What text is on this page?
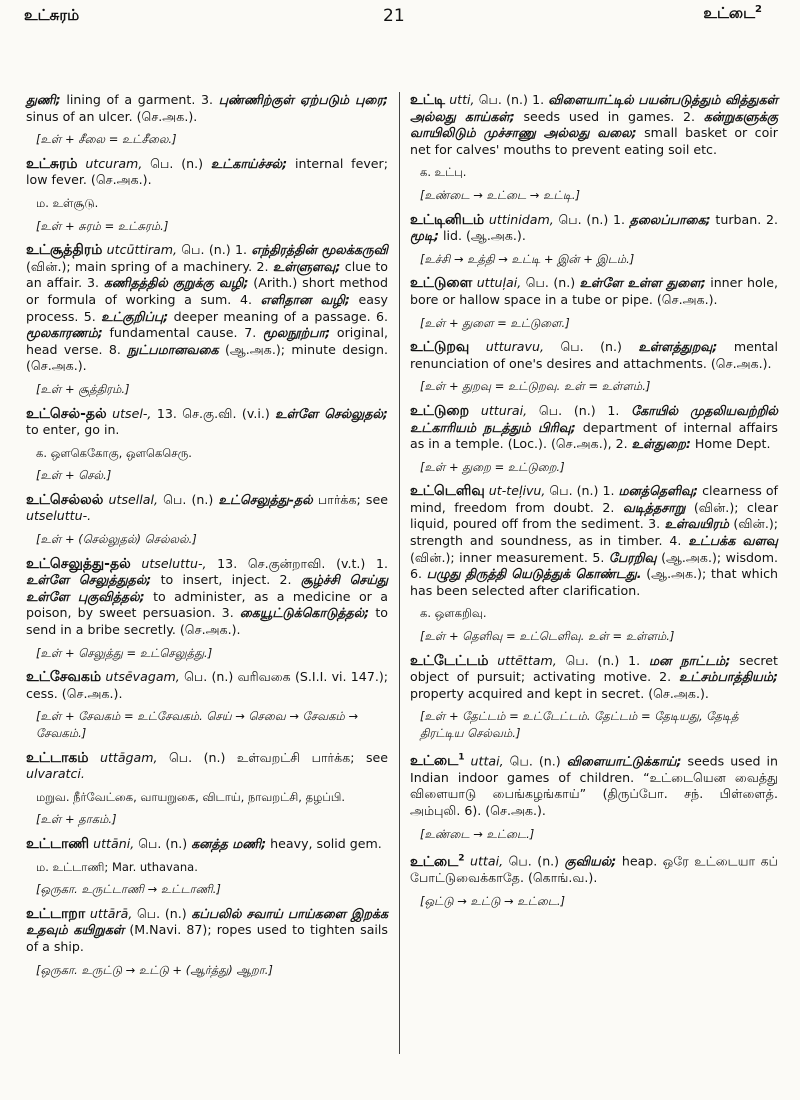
உட்சுரம்	21	உட்டை$^2$
துணி; lining of a garment. 3. புண்ணிற்குள் ஏற்படும் புரை; sinus of an ulcer. (செ.அக.).
[உள் + சீலை = உட்சீலை.]
உட்சுரம் utcuram, பெ. (n.) உட்காய்ச்சல்; internal fever; low fever. (செ.அக.).
ம. உள்சூடு.
[உள் + சுரம் = உட்சுரம்.]
உட்சூத்திரம் utcūttiram, பெ. (n.) 1. எந்திரத்தின் மூலக்கருவி (வின்.); main spring of a machinery. 2. உள்ளுளவு; clue to an affair. 3. கணிதத்தில் குறுக்கு வழி; (Arith.) short method or formula of working a sum. 4. எளிதான வழி; easy process. 5. உட்குறிப்பு; deeper meaning of a passage. 6. மூலகாரணம்; fundamental cause. 7. மூலநூற்பா; original, head verse. 8. நுட்பமானவகை (ஆ.அக.); minute design. (செ.அக.).
[உள் + சூத்திரம்.]
உட்செல்-தல் utsel-, 13. செ.கு.வி. (v.i.) உள்ளே செல்லுதல்; to enter, go in.
க. ஒளகெகோகு, ஒளகெசெரு.
[உள் + செல்.]
உட்செல்லல் utsellal, பெ. (n.) உட்செலுத்து-தல் பார்க்க; see utseluttu-.
[உள் + (செல்லுதல்) செல்லல்.]
உட்செலுத்து-தல் utseluttu-, 13. செ.குன்றாவி. (v.t.) 1. உள்ளே செலுத்துதல்; to insert, inject. 2. சூழ்ச்சி செய்து உள்ளே புகுவித்தல்; to administer, as a medicine or a poison, by sweet persuasion. 3. கையூட்டுக்கொடுத்தல்; to send in a bribe secretly. (செ.அக.).
[உள் + செலுத்து = உட்செலுத்து.]
உட்சேவகம் utsēvagam, பெ. (n.) வரிவகை (S.I.I. vi. 147.); cess. (செ.அக.).
[உள் + சேவகம் = உட்சேவகம். செய் → செவை → சேவகம் → சேவகம்.]
உட்டாகம் uttāgam, பெ. (n.) உள்வறட்சி பார்க்க; see ulvaratci.
மறுவ. நீர்வேட்கை, வாயறுகை, விடாய், நாவறட்சி, தழப்பி.
[உள் + தாகம்.]
உட்டாணி uttāni, பெ. (n.) கனத்த மணி; heavy, solid gem.
ம. உட்டாணி; Mar. uthavana.
[ஒருகா. உருட்டாணி → உட்டாணி.]
உட்டாறா uttārā, பெ. (n.) கப்பலில் சவாய் பாய்களை இறக்க உதவும் கயிறுகள் (M.Navi. 87); ropes used to tighten sails of a ship.
[ஒருகா. உருட்டு → உட்டு + (ஆர்த்து) ஆறா.]
உட்டி utti, பெ. (n.) 1. விளையாட்டில் பயன்படுத்தும் வித்துகள் அல்லது காய்கள்; seeds used in games. 2. கன்றுகளுக்கு வாயிலிடும் முச்சாணு அல்லது வலை; small basket or coir net for calves' mouths to prevent eating soil etc.
க. உட்பு.
[உண்டை → உட்டை → உட்டி.]
உட்டினிடம் uttinidam, பெ. (n.) 1. தலைப்பாகை; turban. 2. மூடி; lid. (ஆ.அக.).
[உச்சி → உத்தி → உட்டி + இன் + இடம்.]
உட்டுளை uttuļai, பெ. (n.) உள்ளே உள்ள துளை; inner hole, bore or hallow space in a tube or pipe. (செ.அக.).
[உள் + துளை = உட்டுளை.]
உட்டுறவு utturavu, பெ. (n.) உள்ளத்துறவு; mental renunciation of one's desires and attachments. (செ.அக.).
[உள் + துறவு = உட்டுறவு. உள் = உள்ளம்.]
உட்டுறை utturai, பெ. (n.) 1. கோயில் முதலியவற்றில் உட்காரியம் நடத்தும் பிரிவு; department of internal affairs as in a temple. (Loc.). (செ.அக.), 2. உள்துறை: Home Dept.
[உள் + துறை = உட்டுறை.]
உட்டெளிவு ut-teļivu, பெ. (n.) 1. மனத்தெளிவு; clearness of mind, freedom from doubt. 2. வடித்தசாறு (வின்.); clear liquid, poured off from the sediment. 3. உள்வயிரம் (வின்.); strength and soundness, as in timber. 4. உட்பக்க வளவு (வின்.); inner measurement. 5. பேரறிவு (ஆ.அக.); wisdom. 6. பழுது திருத்தி யெடுத்துக் கொண்டது. (ஆ.அக.); that which has been selected after clarification.
க. ஒளகறிவு.
[உள் + தெளிவு = உட்டெளிவு. உள் = உள்ளம்.]
உட்டேட்டம் uttēttam, பெ. (n.) 1. மன நாட்டம்; secret object of pursuit; activating motive. 2. உட்சம்பாத்தியம்; property acquired and kept in secret. (செ.அக.).
[உள் + தேட்டம் = உட்டேட்டம். தேட்டம் = தேடியது, தேடித் திரட்டிய செல்வம்.]
உட்டை$^1$ uttai, பெ. (n.) விளையாட்டுக்காய்; seeds used in Indian indoor games of children. “உட்டையென வைத்து விளையாடு பைங்கழங்காய்” (திருப்போ. சந். பிள்ளைத். அம்புலி. 6). (செ.அக.).
[உண்டை → உட்டை.]
உட்டை$^2$ uttai, பெ. (n.) குவியல்; heap. ஒரே உட்டையா கப் போட்டுவைக்காதே. (கொங்.வ.).
[ஒட்டு → உட்டு → உட்டை.]
